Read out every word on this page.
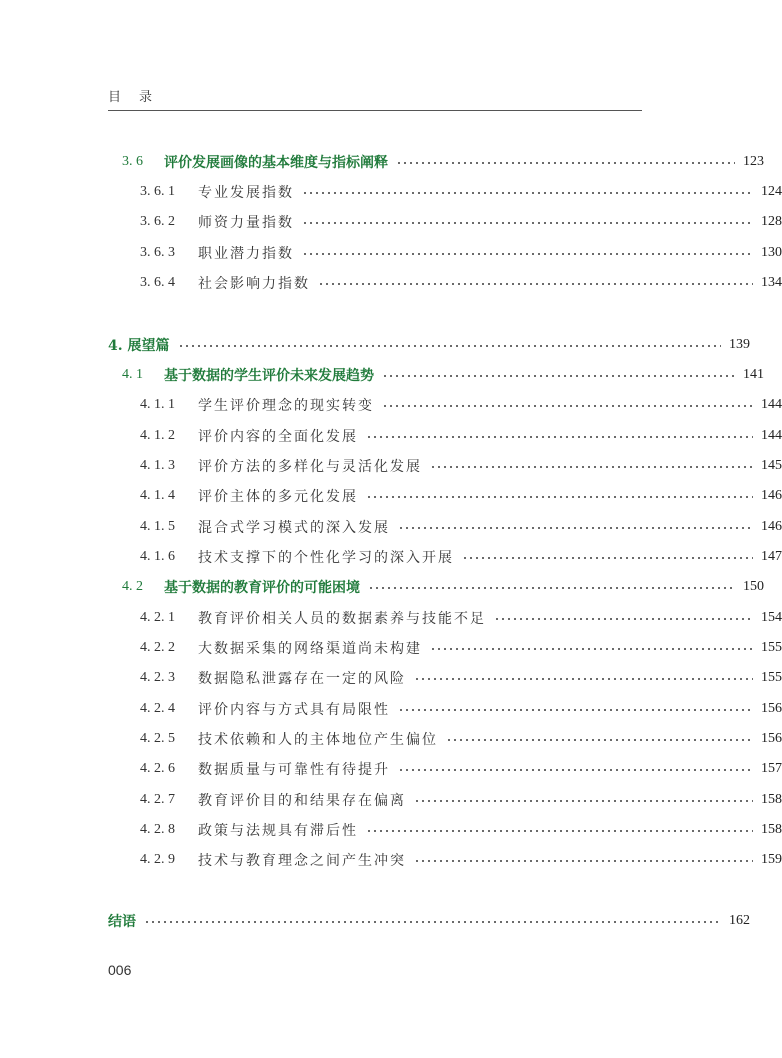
目录
3. 6	评价发展画像的基本维度与指标阐释	123
3. 6. 1	专业发展指数	124
3. 6. 2	师资力量指数	128
3. 6. 3	职业潜力指数	130
3. 6. 4	社会影响力指数	134
4. 展望篇	139
4. 1	基于数据的学生评价未来发展趋势	141
4. 1. 1	学生评价理念的现实转变	144
4. 1. 2	评价内容的全面化发展	144
4. 1. 3	评价方法的多样化与灵活化发展	145
4. 1. 4	评价主体的多元化发展	146
4. 1. 5	混合式学习模式的深入发展	146
4. 1. 6	技术支撑下的个性化学习的深入开展	147
4. 2	基于数据的教育评价的可能困境	150
4. 2. 1	教育评价相关人员的数据素养与技能不足	154
4. 2. 2	大数据采集的网络渠道尚未构建	155
4. 2. 3	数据隐私泄露存在一定的风险	155
4. 2. 4	评价内容与方式具有局限性	156
4. 2. 5	技术依赖和人的主体地位产生偏位	156
4. 2. 6	数据质量与可靠性有待提升	157
4. 2. 7	教育评价目的和结果存在偏离	158
4. 2. 8	政策与法规具有滞后性	158
4. 2. 9	技术与教育理念之间产生冲突	159
结语	162
006
